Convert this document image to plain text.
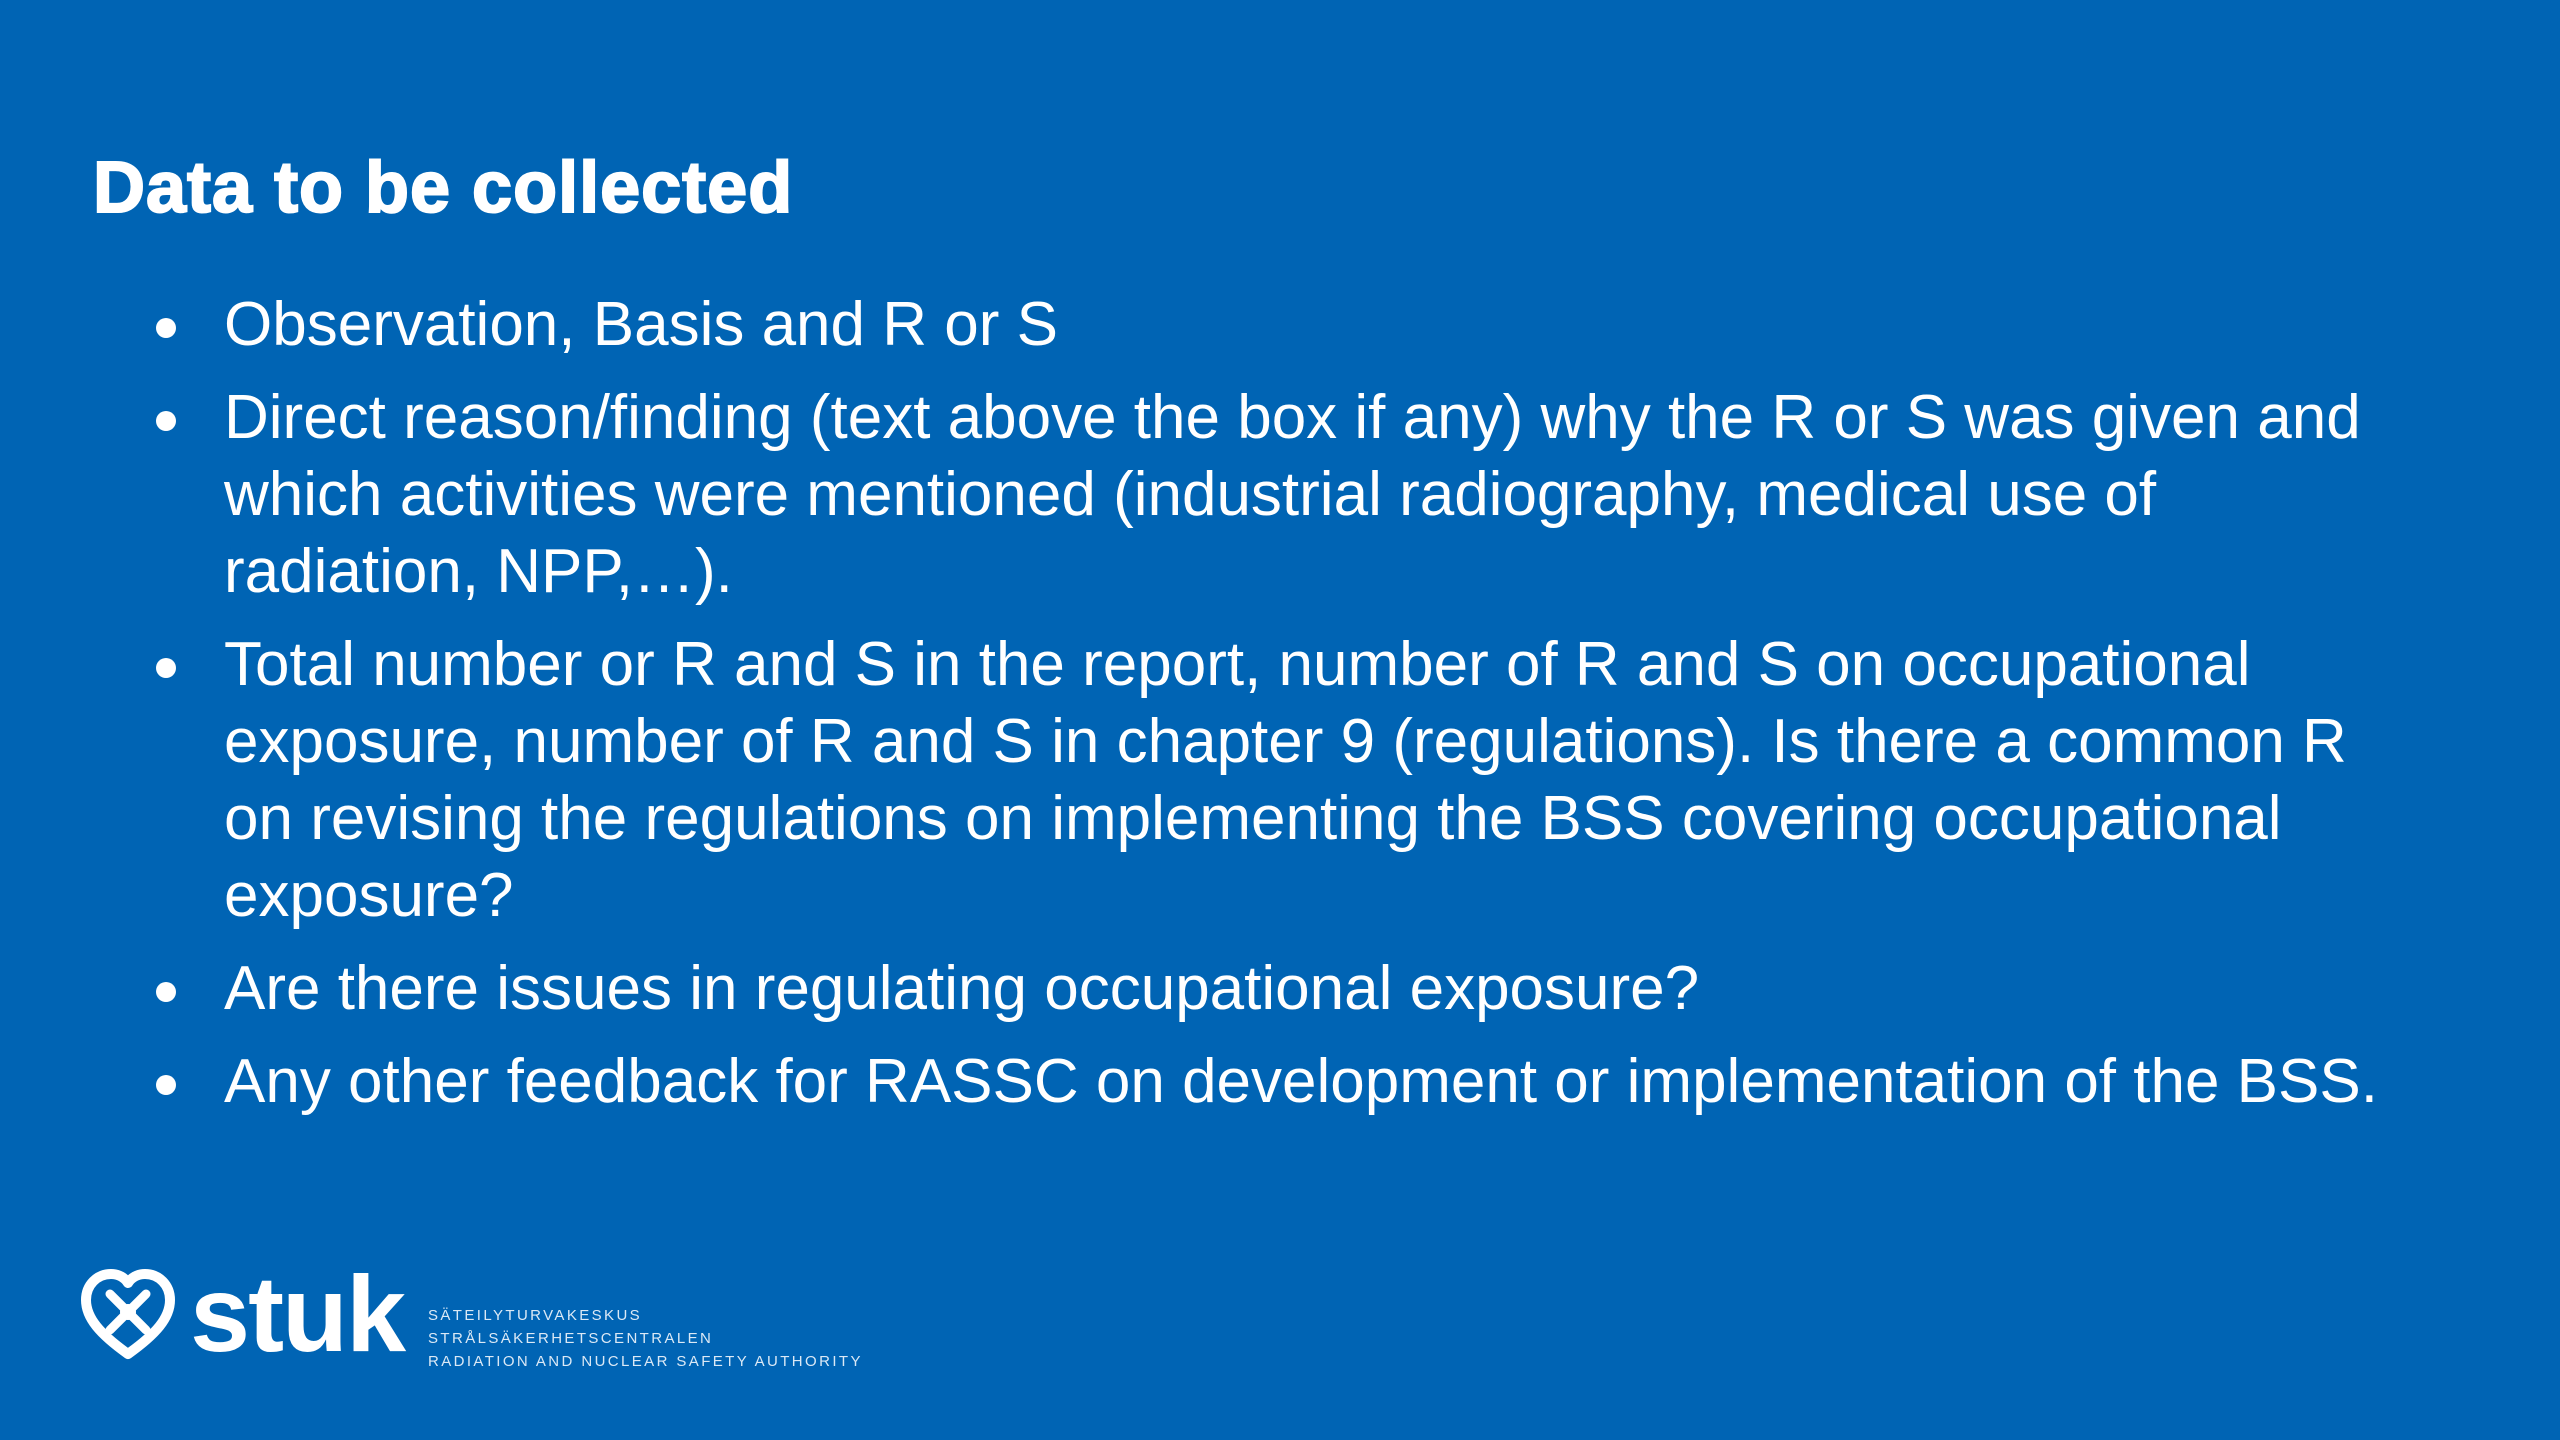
Data to be collected
Observation, Basis and R or S
Direct reason/finding (text above the box if any) why the R or S was given and which activities were mentioned (industrial radiography, medical use of radiation, NPP,…).
Total number or R and S in the report, number of R and S on occupational exposure, number of R and S in chapter 9 (regulations). Is there a common R on revising the regulations on implementing the BSS covering occupational exposure?
Are there issues in regulating occupational exposure?
Any other feedback for RASSC on development or implementation of the BSS.
stuk SÄTEILYTURVAKESKUS
STRÅLSÄKERHETSCENTRALEN
RADIATION AND NUCLEAR SAFETY AUTHORITY
